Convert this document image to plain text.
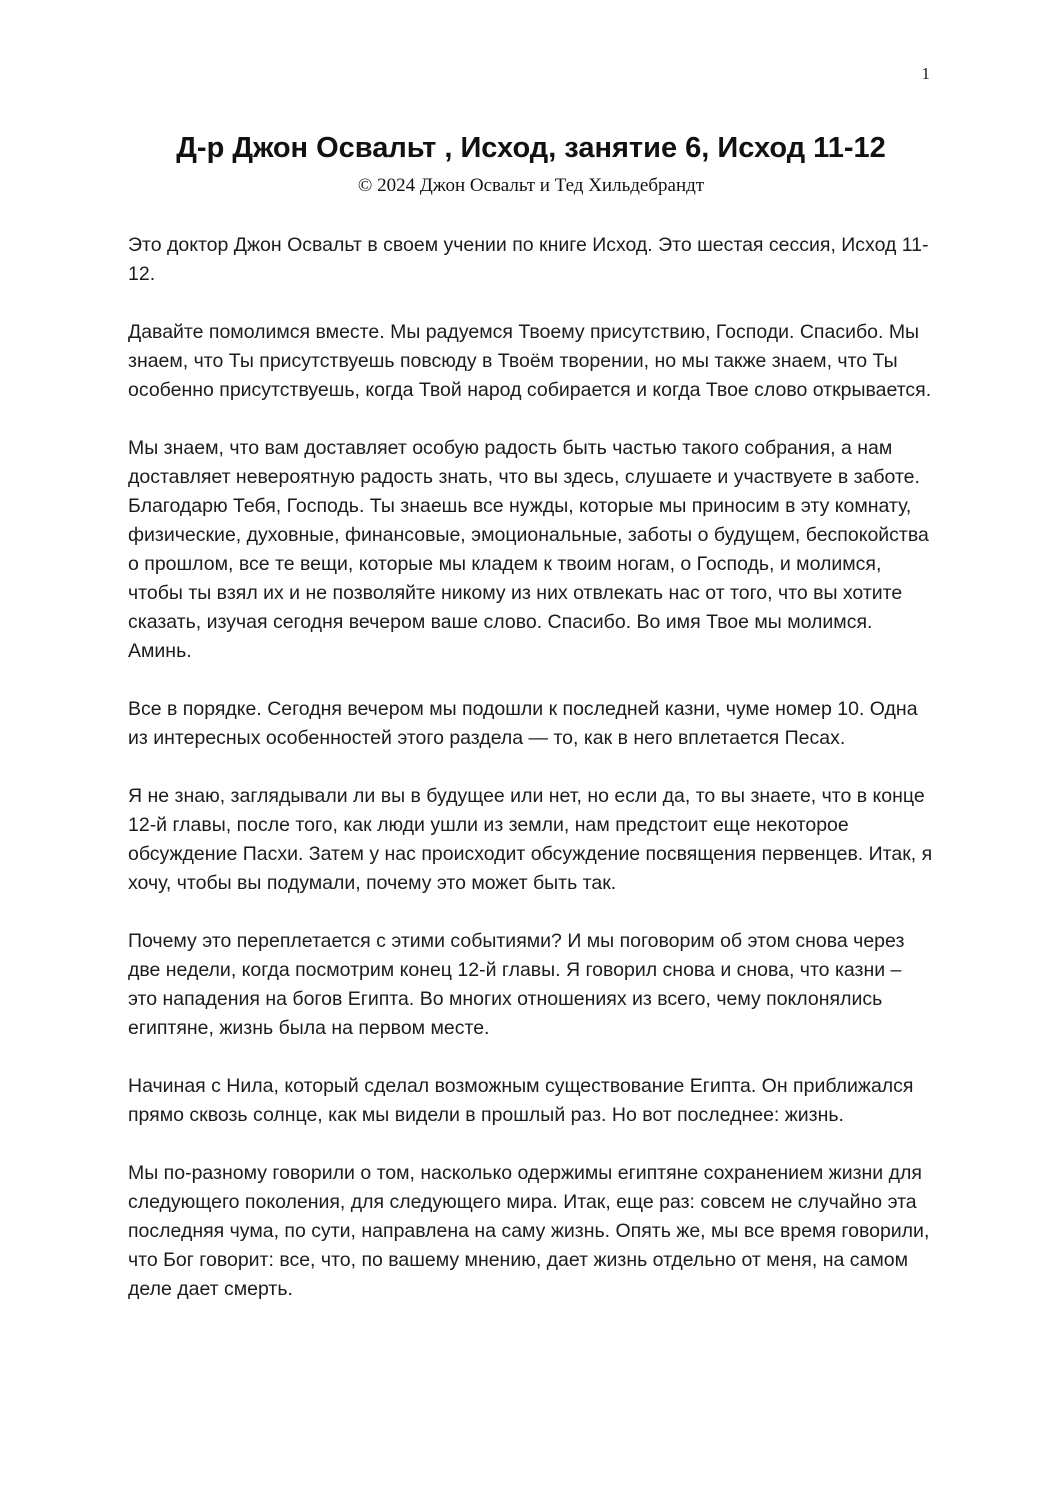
1
Д-р Джон Освальт , Исход, занятие 6, Исход 11-12
© 2024 Джон Освальт и Тед Хильдебрандт

Это доктор Джон Освальт в своем учении по книге Исход. Это шестая сессия, Исход 11-12.

Давайте помолимся вместе. Мы радуемся Твоему присутствию, Господи. Спасибо. Мы знаем, что Ты присутствуешь повсюду в Твоём творении, но мы также знаем, что Ты особенно присутствуешь, когда Твой народ собирается и когда Твое слово открывается.

Мы знаем, что вам доставляет особую радость быть частью такого собрания, а нам доставляет невероятную радость знать, что вы здесь, слушаете и участвуете в заботе. Благодарю Тебя, Господь. Ты знаешь все нужды, которые мы приносим в эту комнату, физические, духовные, финансовые, эмоциональные, заботы о будущем, беспокойства о прошлом, все те вещи, которые мы кладем к твоим ногам, о Господь, и молимся, чтобы ты взял их и не позволяйте никому из них отвлекать нас от того, что вы хотите сказать, изучая сегодня вечером ваше слово. Спасибо. Во имя Твое мы молимся. Аминь.

Все в порядке. Сегодня вечером мы подошли к последней казни, чуме номер 10. Одна из интересных особенностей этого раздела — то, как в него вплетается Песах.

Я не знаю, заглядывали ли вы в будущее или нет, но если да, то вы знаете, что в конце 12-й главы, после того, как люди ушли из земли, нам предстоит еще некоторое обсуждение Пасхи. Затем у нас происходит обсуждение посвящения первенцев. Итак, я хочу, чтобы вы подумали, почему это может быть так.

Почему это переплетается с этими событиями? И мы поговорим об этом снова через две недели, когда посмотрим конец 12-й главы. Я говорил снова и снова, что казни – это нападения на богов Египта. Во многих отношениях из всего, чему поклонялись египтяне, жизнь была на первом месте.

Начиная с Нила, который сделал возможным существование Египта. Он приближался прямо сквозь солнце, как мы видели в прошлый раз. Но вот последнее: жизнь.

Мы по-разному говорили о том, насколько одержимы египтяне сохранением жизни для следующего поколения, для следующего мира. Итак, еще раз: совсем не случайно эта последняя чума, по сути, направлена на саму жизнь. Опять же, мы все время говорили, что Бог говорит: все, что, по вашему мнению, дает жизнь отдельно от меня, на самом деле дает смерть.
